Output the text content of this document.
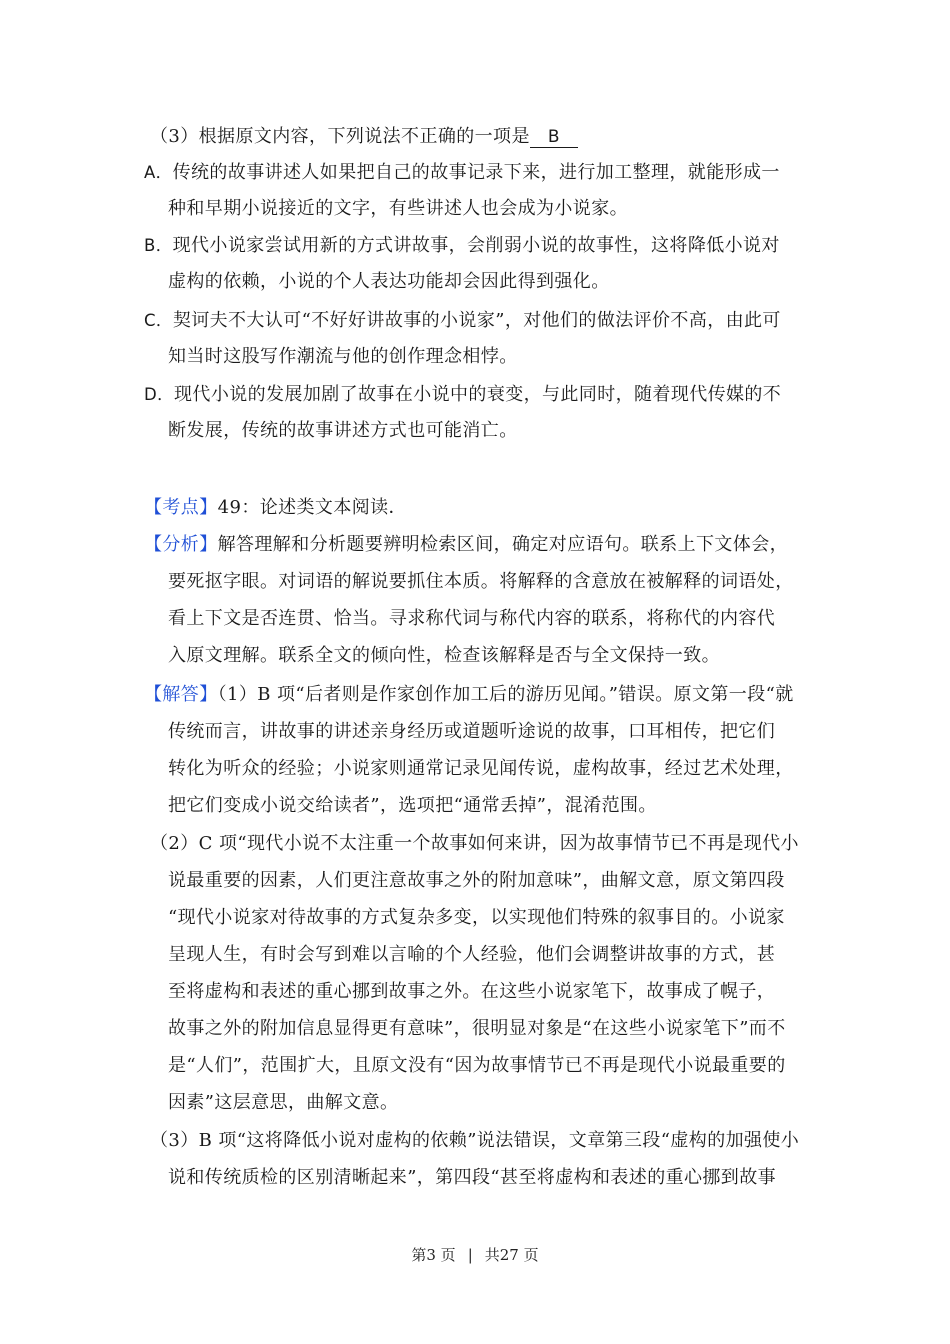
（3）根据原文内容，下列说法不正确的一项是 B
A．传统的故事讲述人如果把自己的故事记录下来，进行加工整理，就能形成一
种和早期小说接近的文字，有些讲述人也会成为小说家。
B．现代小说家尝试用新的方式讲故事，会削弱小说的故事性，这将降低小说对
虚构的依赖，小说的个人表达功能却会因此得到强化。
C．契诃夫不大认可“不好好讲故事的小说家”，对他们的做法评价不高，由此可
知当时这股写作潮流与他的创作理念相悖。
D．现代小说的发展加剧了故事在小说中的衰变，与此同时，随着现代传媒的不
断发展，传统的故事讲述方式也可能消亡。
【考点】49：论述类文本阅读．
【分析】解答理解和分析题要辨明检索区间，确定对应语句。联系上下文体会，
要死抠字眼。对词语的解说要抓住本质。将解释的含意放在被解释的词语处，
看上下文是否连贯、恰当。寻求称代词与称代内容的联系，将称代的内容代
入原文理解。联系全文的倾向性，检查该解释是否与全文保持一致。
【解答】（1）B 项“后者则是作家创作加工后的游历见闻。”错误。原文第一段“就
传统而言，讲故事的讲述亲身经历或道题听途说的故事，口耳相传，把它们
转化为听众的经验；小说家则通常记录见闻传说，虚构故事，经过艺术处理，
把它们变成小说交给读者”，选项把“通常丢掉”，混淆范围。
（2）C 项“现代小说不太注重一个故事如何来讲，因为故事情节已不再是现代小
说最重要的因素，人们更注意故事之外的附加意味”，曲解文意，原文第四段
“现代小说家对待故事的方式复杂多变，以实现他们特殊的叙事目的。小说家
呈现人生，有时会写到难以言喻的个人经验，他们会调整讲故事的方式，甚
至将虚构和表述的重心挪到故事之外。在这些小说家笔下，故事成了幌子，
故事之外的附加信息显得更有意味”，很明显对象是“在这些小说家笔下”而不
是“人们”，范围扩大，且原文没有“因为故事情节已不再是现代小说最重要的
因素”这层意思，曲解文意。
（3）B 项“这将降低小说对虚构的依赖”说法错误，文章第三段“虚构的加强使小
说和传统质检的区别清晰起来”，第四段“甚至将虚构和表述的重心挪到故事
第3 页 | 共27 页
